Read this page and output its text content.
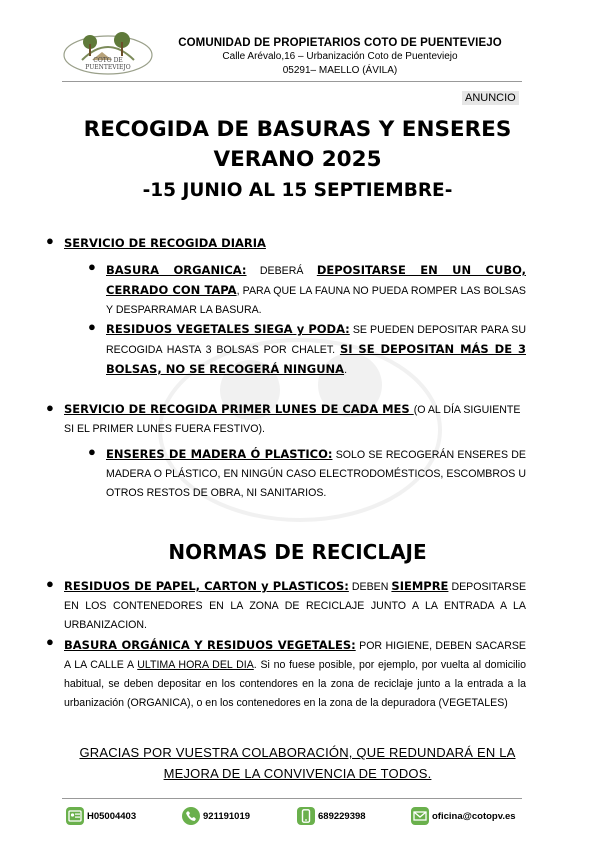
COTO DE PUENTEVIEJO
COMUNIDAD DE PROPIETARIOS COTO DE PUENTEVIEJO
Calle Arévalo,16 – Urbanización Coto de Puenteviejo
05291– MAELLO (ÁVILA)
ANUNCIO
RECOGIDA DE BASURAS Y ENSERES
VERANO 2025
-15 JUNIO AL 15 SEPTIEMBRE-
● SERVICIO DE RECOGIDA DIARIA
● BASURA ORGANICA: DEBERÁ DEPOSITARSE EN UN CUBO, CERRADO CON TAPA, PARA QUE LA FAUNA NO PUEDA ROMPER LAS BOLSAS Y DESPARRAMAR LA BASURA.
● RESIDUOS VEGETALES SIEGA y PODA: SE PUEDEN DEPOSITAR PARA SU RECOGIDA HASTA 3 BOLSAS POR CHALET. SI SE DEPOSITAN MÁS DE 3 BOLSAS, NO SE RECOGERÁ NINGUNA.
● SERVICIO DE RECOGIDA PRIMER LUNES DE CADA MES (O AL DÍA SIGUIENTE SI EL PRIMER LUNES FUERA FESTIVO).
● ENSERES DE MADERA Ó PLASTICO: SOLO SE RECOGERÁN ENSERES DE MADERA O PLÁSTICO, EN NINGÚN CASO ELECTRODOMÉSTICOS, ESCOMBROS U OTROS RESTOS DE OBRA, NI SANITARIOS.
NORMAS DE RECICLAJE
● RESIDUOS DE PAPEL, CARTON y PLASTICOS: DEBEN SIEMPRE DEPOSITARSE EN LOS CONTENEDORES EN LA ZONA DE RECICLAJE JUNTO A LA ENTRADA A LA URBANIZACION.
● BASURA ORGÁNICA Y RESIDUOS VEGETALES: POR HIGIENE, DEBEN SACARSE A LA CALLE A ULTIMA HORA DEL DIA. Si no fuese posible, por ejemplo, por vuelta al domicilio habitual, se deben depositar en los contendores en la zona de reciclaje junto a la entrada a la urbanización (ORGANICA), o en los contenedores en la zona de la depuradora (VEGETALES)
GRACIAS POR VUESTRA COLABORACIÓN, QUE REDUNDARÁ EN LA
MEJORA DE LA CONVIVENCIA DE TODOS.
H05004403	921191019	689229398	oficina@cotopv.es
